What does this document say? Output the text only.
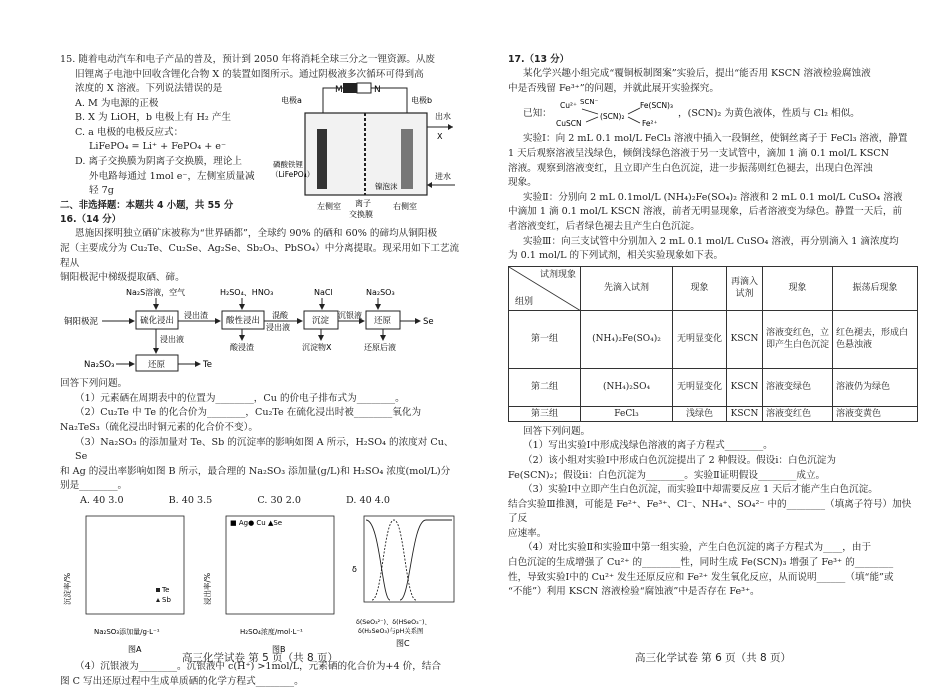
15. 随着电动汽车和电子产品的普及，预计到 2050 年将消耗全球三分之一锂资源。从废

旧锂离子电池中回收含锂化合物 X 的装置如图所示。通过阴极液多次循环可得到高

浓度的 X 溶液。下列说法错误的是

A. M 为电源的正极

B. X 为 LiOH，b 电极上有 H₂ 产生

C. a 电极的电极反应式：

LiFePO₄ = Li⁺ + FePO₄ + e⁻

D. 离子交换膜为阴离子交换膜，理论上

外电路每通过 1mol e⁻，左侧室质量减

轻 7g

M	N
电极a	电极b
出水
X
进水
磷酸铁锂
（LiFePO₄）
镍泡沫
左侧室 离子
交换膜
右侧室

二、非选择题：本题共 4 小题，共 55 分

16.（14 分）

恩施因探明独立硒矿床被称为“世界硒都”，全球约 90% 的硒和 60% 的碲均从铜阳极

泥（主要成分为 Cu₂Te、Cu₂Se、Ag₂Se、Sb₂O₃、PbSO₄）中分离提取。现采用如下工艺流程从

铜阳极泥中梯级提取硒、碲。

Na₂S溶液，空气	H₂SO₄、HNO₃	NaCl	Na₂SO₃
铜阳极泥	硫化浸出
浸出渣
酸性浸出
混酸
浸出液
沉淀
沉银液
还原	Se
浸出液
酸浸渣	沉淀物X	还原后液
Na₂SO₃	还原	Te

回答下列问题。

（1）元素硒在周期表中的位置为________，Cu 的价电子排布式为________。

（2）Cu₂Te 中 Te 的化合价为________，Cu₂Te 在硫化浸出时被________氧化为

Na₂TeS₃（硫化浸出时铜元素的化合价不变）。

（3）Na₂SO₃ 的添加量对 Te、Sb 的沉淀率的影响如图 A 所示，H₂SO₄ 的浓度对 Cu、Se

和 Ag 的浸出率影响如图 B 所示，最合理的 Na₂SO₃ 添加量(g/L)和 H₂SO₄ 浓度(mol/L)分

别是________。

A. 40 3.0	B. 40 3.5	C. 30 2.0	D. 40 4.0
沉淀率/%
Na₂SO₃添加量/g·L⁻¹
图A
Te
Sb	浸出率/%
■ Ag● Cu ▲Se
H₂SO₄浓度/mol·L⁻¹
图B
δ
δ(SeO₃²⁻)、δ(HSeO₃⁻)、
δ(H₂SeO₃)与pH关系图
图C

（4）沉银液为________。沉银液中 c(H⁺) >1mol/L，元素硒的化合价为+4 价，结合

图 C 写出还原过程中生成单质硒的化学方程式________。

高三化学试卷 第 5 页（共 8 页）

17.（13 分）

某化学兴趣小组完成“覆铜板制图案”实验后，提出“能否用 KSCN 溶液检验腐蚀液

中是否残留 Fe³⁺”的问题，并就此展开实验探究。

已知：
Cu²⁺ SCN⁻
CuSCN
(SCN)₂
Fe(SCN)₃
Fe²⁺
，(SCN)₂ 为黄色液体，性质与 Cl₂ 相似。

实验Ⅰ：向 2 mL 0.1 mol/L FeCl₃ 溶液中插入一段铜丝，使铜丝离子于 FeCl₃ 溶液，静置

1 天后观察溶液呈浅绿色，倾倒浅绿色溶液于另一支试管中，滴加 1 滴 0.1 mol/L KSCN

溶液。观察到溶液变红，且立即产生白色沉淀，进一步振荡则红色褪去，出现白色浑浊

现象。

实验Ⅱ：分别向 2 mL 0.1mol/L (NH₄)₂Fe(SO₄)₂ 溶液和 2 mL 0.1 mol/L CuSO₄ 溶液

中滴加 1 滴 0.1 mol/L KSCN 溶液，前者无明显现象，后者溶液变为绿色。静置一天后，前

者溶液变红，后者绿色褪去且产生白色沉淀。

实验Ⅲ：向三支试管中分别加入 2 mL 0.1 mol/L CuSO₄ 溶液，再分别滴入 1 滴浓度均

为 0.1 mol/L 的下列试剂，相关实验现象如下表。

试剂现象
组别	先滴入试剂	现象	再滴入
试剂	现象	振荡后现象
第一组	(NH₄)₂Fe(SO₄)₂	无明显变化	KSCN	溶液变红色，立即产生白色沉淀	红色褪去，形成白色悬浊液
第二组	(NH₄)₂SO₄	无明显变化	KSCN	溶液变绿色	溶液仍为绿色
第三组	FeCl₃	浅绿色	KSCN	溶液变红色	溶液变黄色

回答下列问题。

（1）写出实验Ⅰ中形成浅绿色溶液的离子方程式________。

（2）该小组对实验Ⅰ中形成白色沉淀提出了 2 种假设。假设ⅰ：白色沉淀为

Fe(SCN)₂；假设ⅱ：白色沉淀为________。实验Ⅱ证明假设________成立。

（3）实验Ⅰ中立即产生白色沉淀，而实验Ⅱ中却需要反应 1 天后才能产生白色沉淀。

结合实验Ⅲ推测，可能是 Fe²⁺、Fe³⁺、Cl⁻、NH₄⁺、SO₄²⁻ 中的________（填离子符号）加快了反

应速率。

（4）对比实验Ⅱ和实验Ⅲ中第一组实验，产生白色沉淀的离子方程式为____，由于

白色沉淀的生成增强了 Cu²⁺ 的________性，同时生成 Fe(SCN)₃ 增强了 Fe³⁺ 的________

性，导致实验Ⅰ中的 Cu²⁺ 发生还原反应和 Fe²⁺ 发生氧化反应，从而说明______（填“能”或

“不能”）利用 KSCN 溶液检验“腐蚀液”中是否存在 Fe³⁺。

高三化学试卷 第 6 页（共 8 页）
